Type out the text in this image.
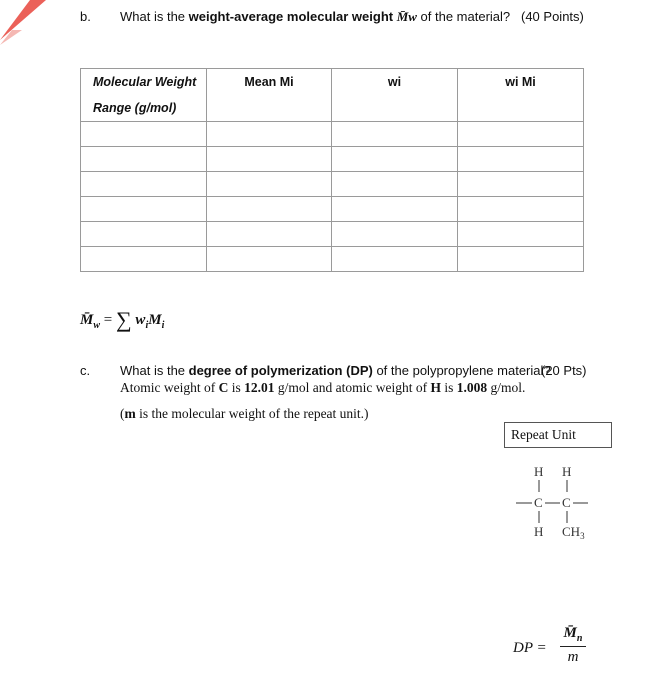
b. What is the weight-average molecular weight M̄w of the material? (40 Points)
Molecular Weight
Range (g/mol)	Mean Mi	wi	wi Mi

$M̄_w$ = ∑ $w_iM_i$
c. What is the degree of polymerization (DP) of the polypropylene material?
(20 Pts)
Atomic weight of C is 12.01 g/mol and atomic weight of H is 1.008 g/mol.
(m is the molecular weight of the repeat unit.)
Repeat Unit
H H
C C
H $CH_3$
DP =
$M̄_n$
m
